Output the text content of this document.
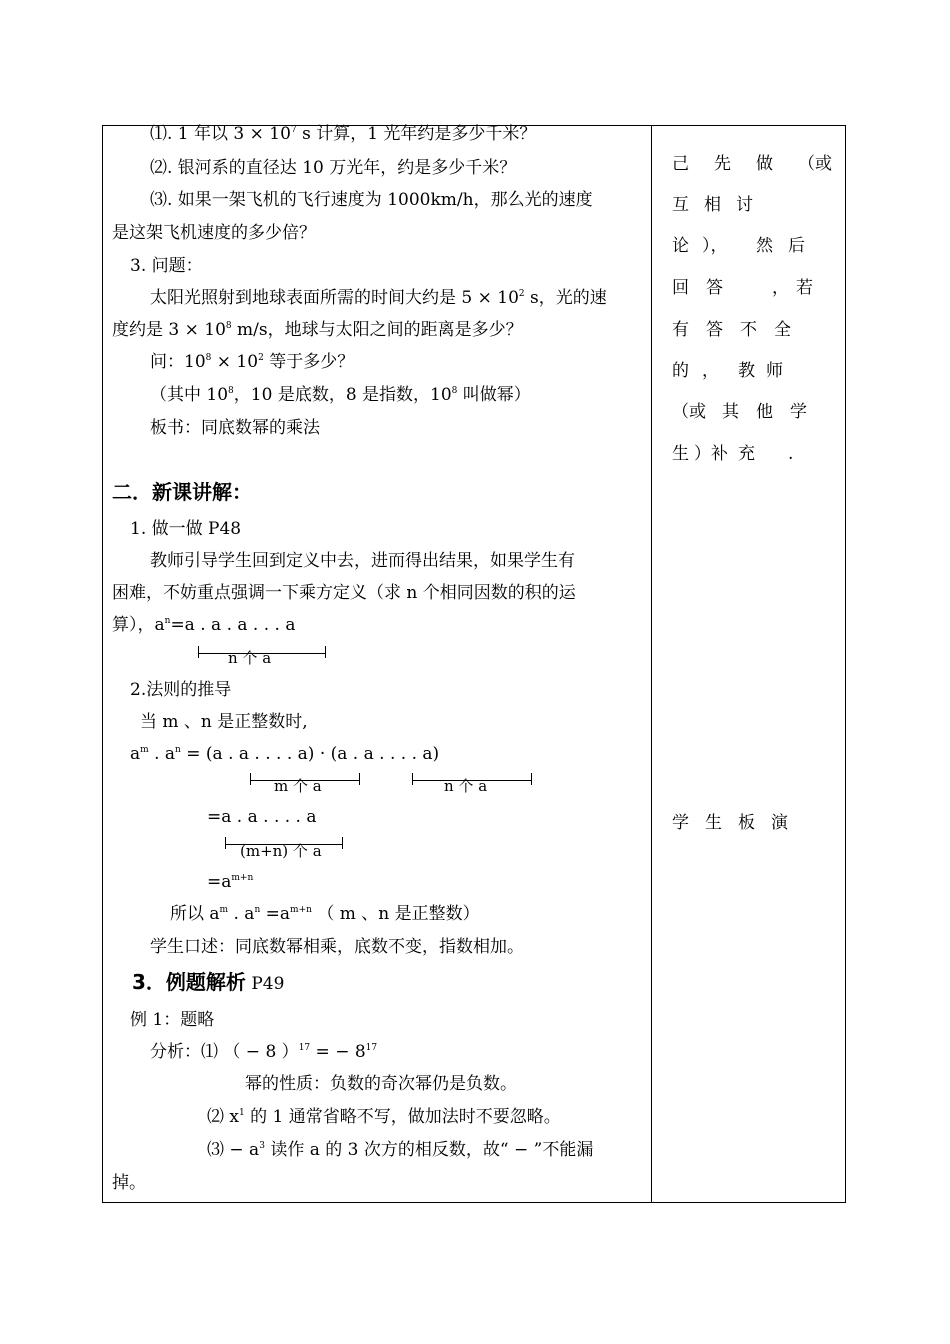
⑴. 1 年以 $3 \times 10^7$ s 计算，1 光年约是多少千米？
⑵. 银河系的直径达 10 万光年，约是多少千米？
⑶. 如果一架飞机的飞行速度为 1000km/h，那么光的速度
是这架飞机速度的多少倍？
3. 问题：
太阳光照射到地球表面所需的时间大约是 $5 \times 10^2$ s，光的速
度约是 $3 \times 10^8$ m/s，地球与太阳之间的距离是多少？
问：$10^8 \times 10^2$ 等于多少？
（其中 $10^8$，10 是底数，8 是指数，$10^8$ 叫做幂）
板书：同底数幂的乘法
二．新课讲解：
1. 做一做 P48
教师引导学生回到定义中去，进而得出结果，如果学生有
困难，不妨重点强调一下乘方定义（求 n 个相同因数的积的运
算），$a^n=a$ . a . a . . . a
n 个 a
2.法则的推导
当 m 、n 是正整数时,
$a^m$ . $a^n = (a$ . a . . . . a) · (a . a . . . . a)
m 个 a	n 个 a
=a . a . . . . a
(m+n) 个 a
$=a^{m+n}$
所以 $a^m$ . $a^n =a^{m+n}$ （ m 、n 是正整数）
学生口述：同底数幂相乘，底数不变，指数相加。
3．例题解析 P49
例 1：题略
分析：⑴ （ − 8 ）$^{17}$ = − $8^{17}$
幂的性质：负数的奇次幂仍是负数。
⑵ $x^1$ 的 1 通常省略不写，做加法时不要忽略。
⑶ − $a^3$ 读作 a 的 3 次方的相反数，故“ − ”不能漏
掉。
己 先 做 （或
互 相 讨
论 ）， 然 后
回 答	， 若
有 答 不 全
的 ， 教 师
（或 其 他 学
生 ）补 充 .
学 生 板 演
